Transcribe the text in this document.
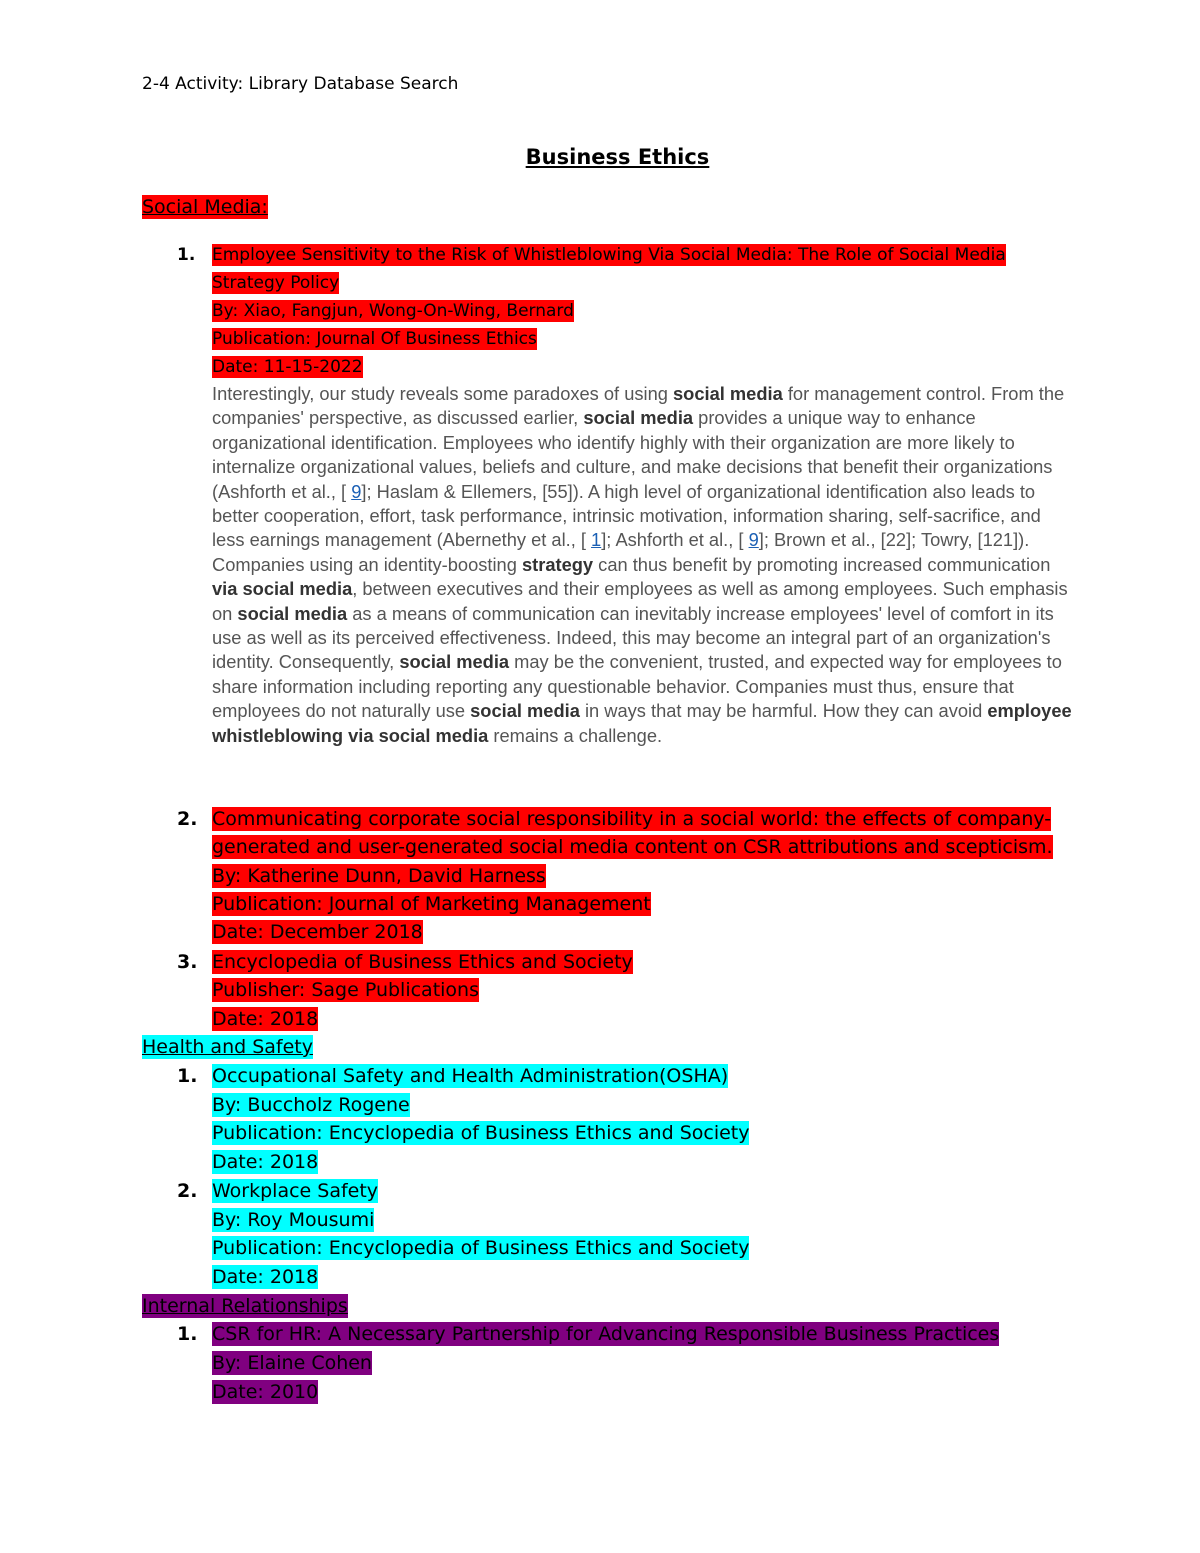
2-4 Activity: Library Database Search
Business Ethics
Social Media:
1. Employee Sensitivity to the Risk of Whistleblowing Via Social Media: The Role of Social Media
Strategy Policy
By: Xiao, Fangjun, Wong-On-Wing, Bernard
Publication: Journal Of Business Ethics
Date: 11-15-2022
Interestingly, our study reveals some paradoxes of using social media for management control. From the companies' perspective, as discussed earlier, social media provides a unique way to enhance organizational identification. Employees who identify highly with their organization are more likely to internalize organizational values, beliefs and culture, and make decisions that benefit their organizations (Ashforth et al., [ 9]; Haslam & Ellemers, [55]). A high level of organizational identification also leads to better cooperation, effort, task performance, intrinsic motivation, information sharing, self-sacrifice, and less earnings management (Abernethy et al., [ 1]; Ashforth et al., [ 9]; Brown et al., [22]; Towry, [121]). Companies using an identity-boosting strategy can thus benefit by promoting increased communication via social media, between executives and their employees as well as among employees. Such emphasis on social media as a means of communication can inevitably increase employees' level of comfort in its use as well as its perceived effectiveness. Indeed, this may become an integral part of an organization's identity. Consequently, social media may be the convenient, trusted, and expected way for employees to share information including reporting any questionable behavior. Companies must thus, ensure that employees do not naturally use social media in ways that may be harmful. How they can avoid employee whistleblowing via social media remains a challenge.
2. Communicating corporate social responsibility in a social world: the effects of company-
generated and user-generated social media content on CSR attributions and scepticism.
By: Katherine Dunn, David Harness
Publication: Journal of Marketing Management
Date: December 2018
3. Encyclopedia of Business Ethics and Society
Publisher: Sage Publications
Date: 2018
Health and Safety
1. Occupational Safety and Health Administration(OSHA)
By: Buccholz Rogene
Publication: Encyclopedia of Business Ethics and Society
Date: 2018
2. Workplace Safety
By: Roy Mousumi
Publication: Encyclopedia of Business Ethics and Society
Date: 2018
Internal Relationships
1. CSR for HR: A Necessary Partnership for Advancing Responsible Business Practices
By: Elaine Cohen
Date: 2010
